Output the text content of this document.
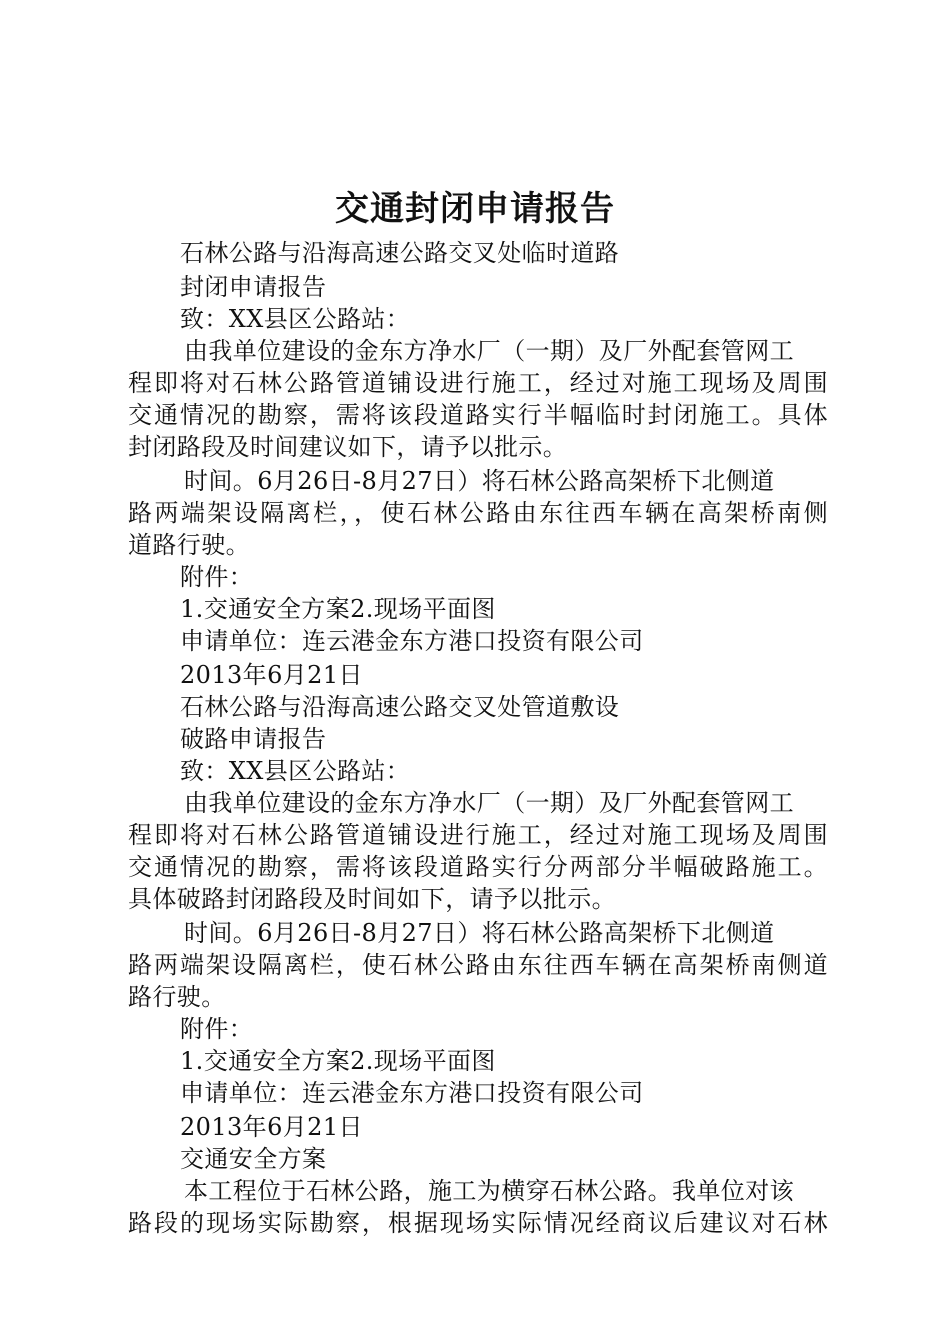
交通封闭申请报告
石林公路与沿海高速公路交叉处临时道路
封闭申请报告
致：XX县区公路站：
由我单位建设的金东方净水厂（一期）及厂外配套管网工
程即将对石林公路管道铺设进行施工，经过对施工现场及周围
交通情况的勘察，需将该段道路实行半幅临时封闭施工。具体
封闭路段及时间建议如下，请予以批示。
时间。6月26日-8月27日）将石林公路高架桥下北侧道
路两端架设隔离栏，，使石林公路由东往西车辆在高架桥南侧
道路行驶。
附件：
1.交通安全方案2.现场平面图
申请单位：连云港金东方港口投资有限公司
2013年6月21日
石林公路与沿海高速公路交叉处管道敷设
破路申请报告
致：XX县区公路站：
由我单位建设的金东方净水厂（一期）及厂外配套管网工
程即将对石林公路管道铺设进行施工，经过对施工现场及周围
交通情况的勘察，需将该段道路实行分两部分半幅破路施工。
具体破路封闭路段及时间如下，请予以批示。
时间。6月26日-8月27日）将石林公路高架桥下北侧道
路两端架设隔离栏，使石林公路由东往西车辆在高架桥南侧道
路行驶。
附件：
1.交通安全方案2.现场平面图
申请单位：连云港金东方港口投资有限公司
2013年6月21日
交通安全方案
本工程位于石林公路，施工为横穿石林公路。我单位对该
路段的现场实际勘察，根据现场实际情况经商议后建议对石林
